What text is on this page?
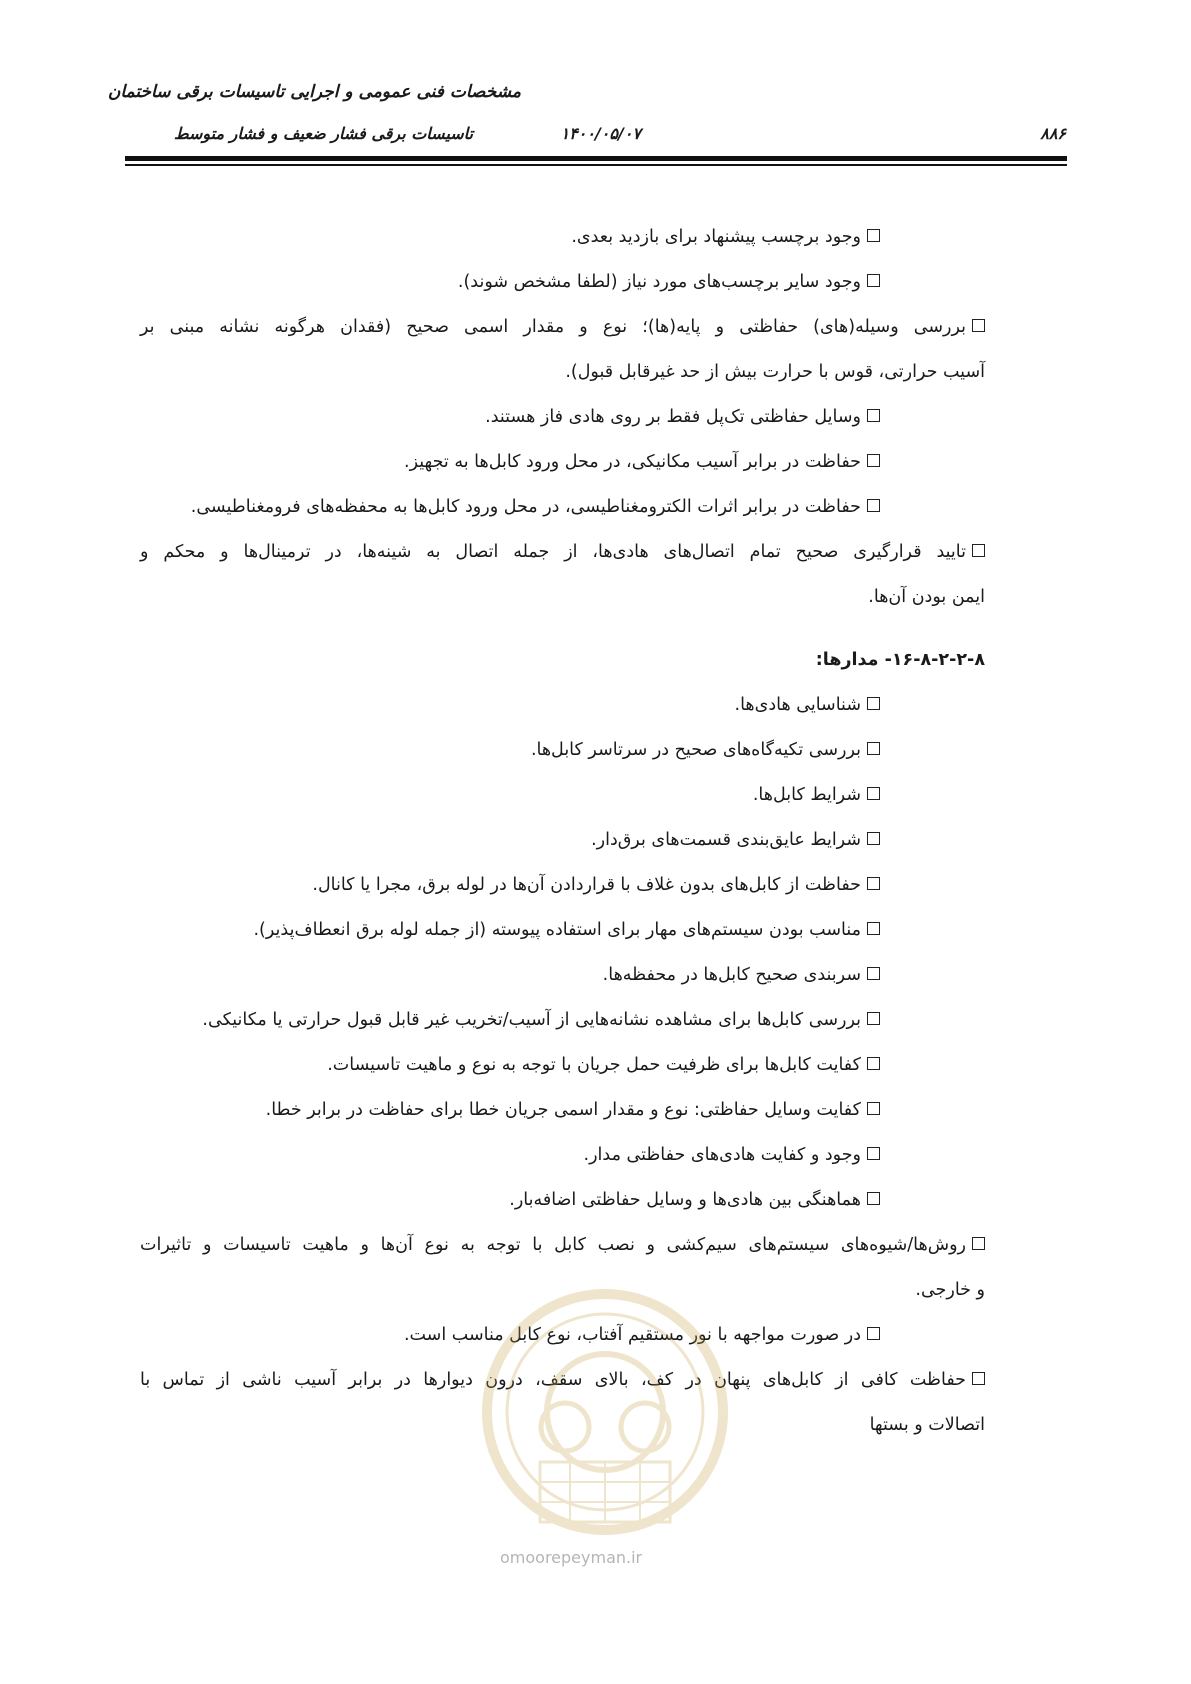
مشخصات فنی عمومی و اجرایی تاسیسات برقی ساختمان
تاسیسات برقی فشار ضعیف و فشار متوسط	۱۴۰۰/۰۵/۰۷	۸۸۶
وجود برچسب پیشنهاد برای بازدید بعدی.
وجود سایر برچسب‌های مورد نیاز (لطفا مشخص شوند).
بررسی وسیله(های) حفاظتی و پایه(ها)؛ نوع و مقدار اسمی صحیح (فقدان هرگونه نشانه مبنی بر
آسیب حرارتی، قوس با حرارت بیش از حد غیرقابل قبول).
وسایل حفاظتی تک‌پل فقط بر روی هادی فاز هستند.
حفاظت در برابر آسیب مکانیکی، در محل ورود کابل‌ها به تجهیز.
حفاظت در برابر اثرات الکترومغناطیسی، در محل ورود کابل‌ها به محفظه‌های فرومغناطیسی.
تایید قرارگیری صحیح تمام اتصال‌های هادی‌ها، از جمله اتصال به شینه‌ها، در ترمینال‌ها و محکم و
ایمن بودن آن‌ها.
۱۶-۸-۲-۲-۸- مدارها:
شناسایی هادی‌ها.
بررسی تکیه‌گاه‌های صحیح در سرتاسر کابل‌ها.
شرایط کابل‌ها.
شرایط عایق‌بندی قسمت‌های برق‌دار.
حفاظت از کابل‌های بدون غلاف با قراردادن آن‌ها در لوله برق، مجرا یا کانال.
مناسب بودن سیستم‌های مهار برای استفاده پیوسته (از جمله لوله برق انعطاف‌پذیر).
سربندی صحیح کابل‌ها در محفظه‌ها.
بررسی کابل‌ها برای مشاهده نشانه‌هایی از آسیب/تخریب غیر قابل قبول حرارتی یا مکانیکی.
کفایت کابل‌ها برای ظرفیت حمل جریان با توجه به نوع و ماهیت تاسیسات.
کفایت وسایل حفاظتی: نوع و مقدار اسمی جریان خطا برای حفاظت در برابر خطا.
وجود و کفایت هادی‌های حفاظتی مدار.
هماهنگی بین هادی‌ها و وسایل حفاظتی اضافه‌بار.
روش‌ها/شیوه‌های سیستم‌های سیم‌کشی و نصب کابل با توجه به نوع آن‌ها و ماهیت تاسیسات و تاثیرات
و خارجی.
در صورت مواجهه با نور مستقیم آفتاب، نوع کابل مناسب است.
حفاظت کافی از کابل‌های پنهان در کف، بالای سقف، درون دیوارها در برابر آسیب ناشی از تماس با
اتصالات و بستها
omoorepeyman.ir
